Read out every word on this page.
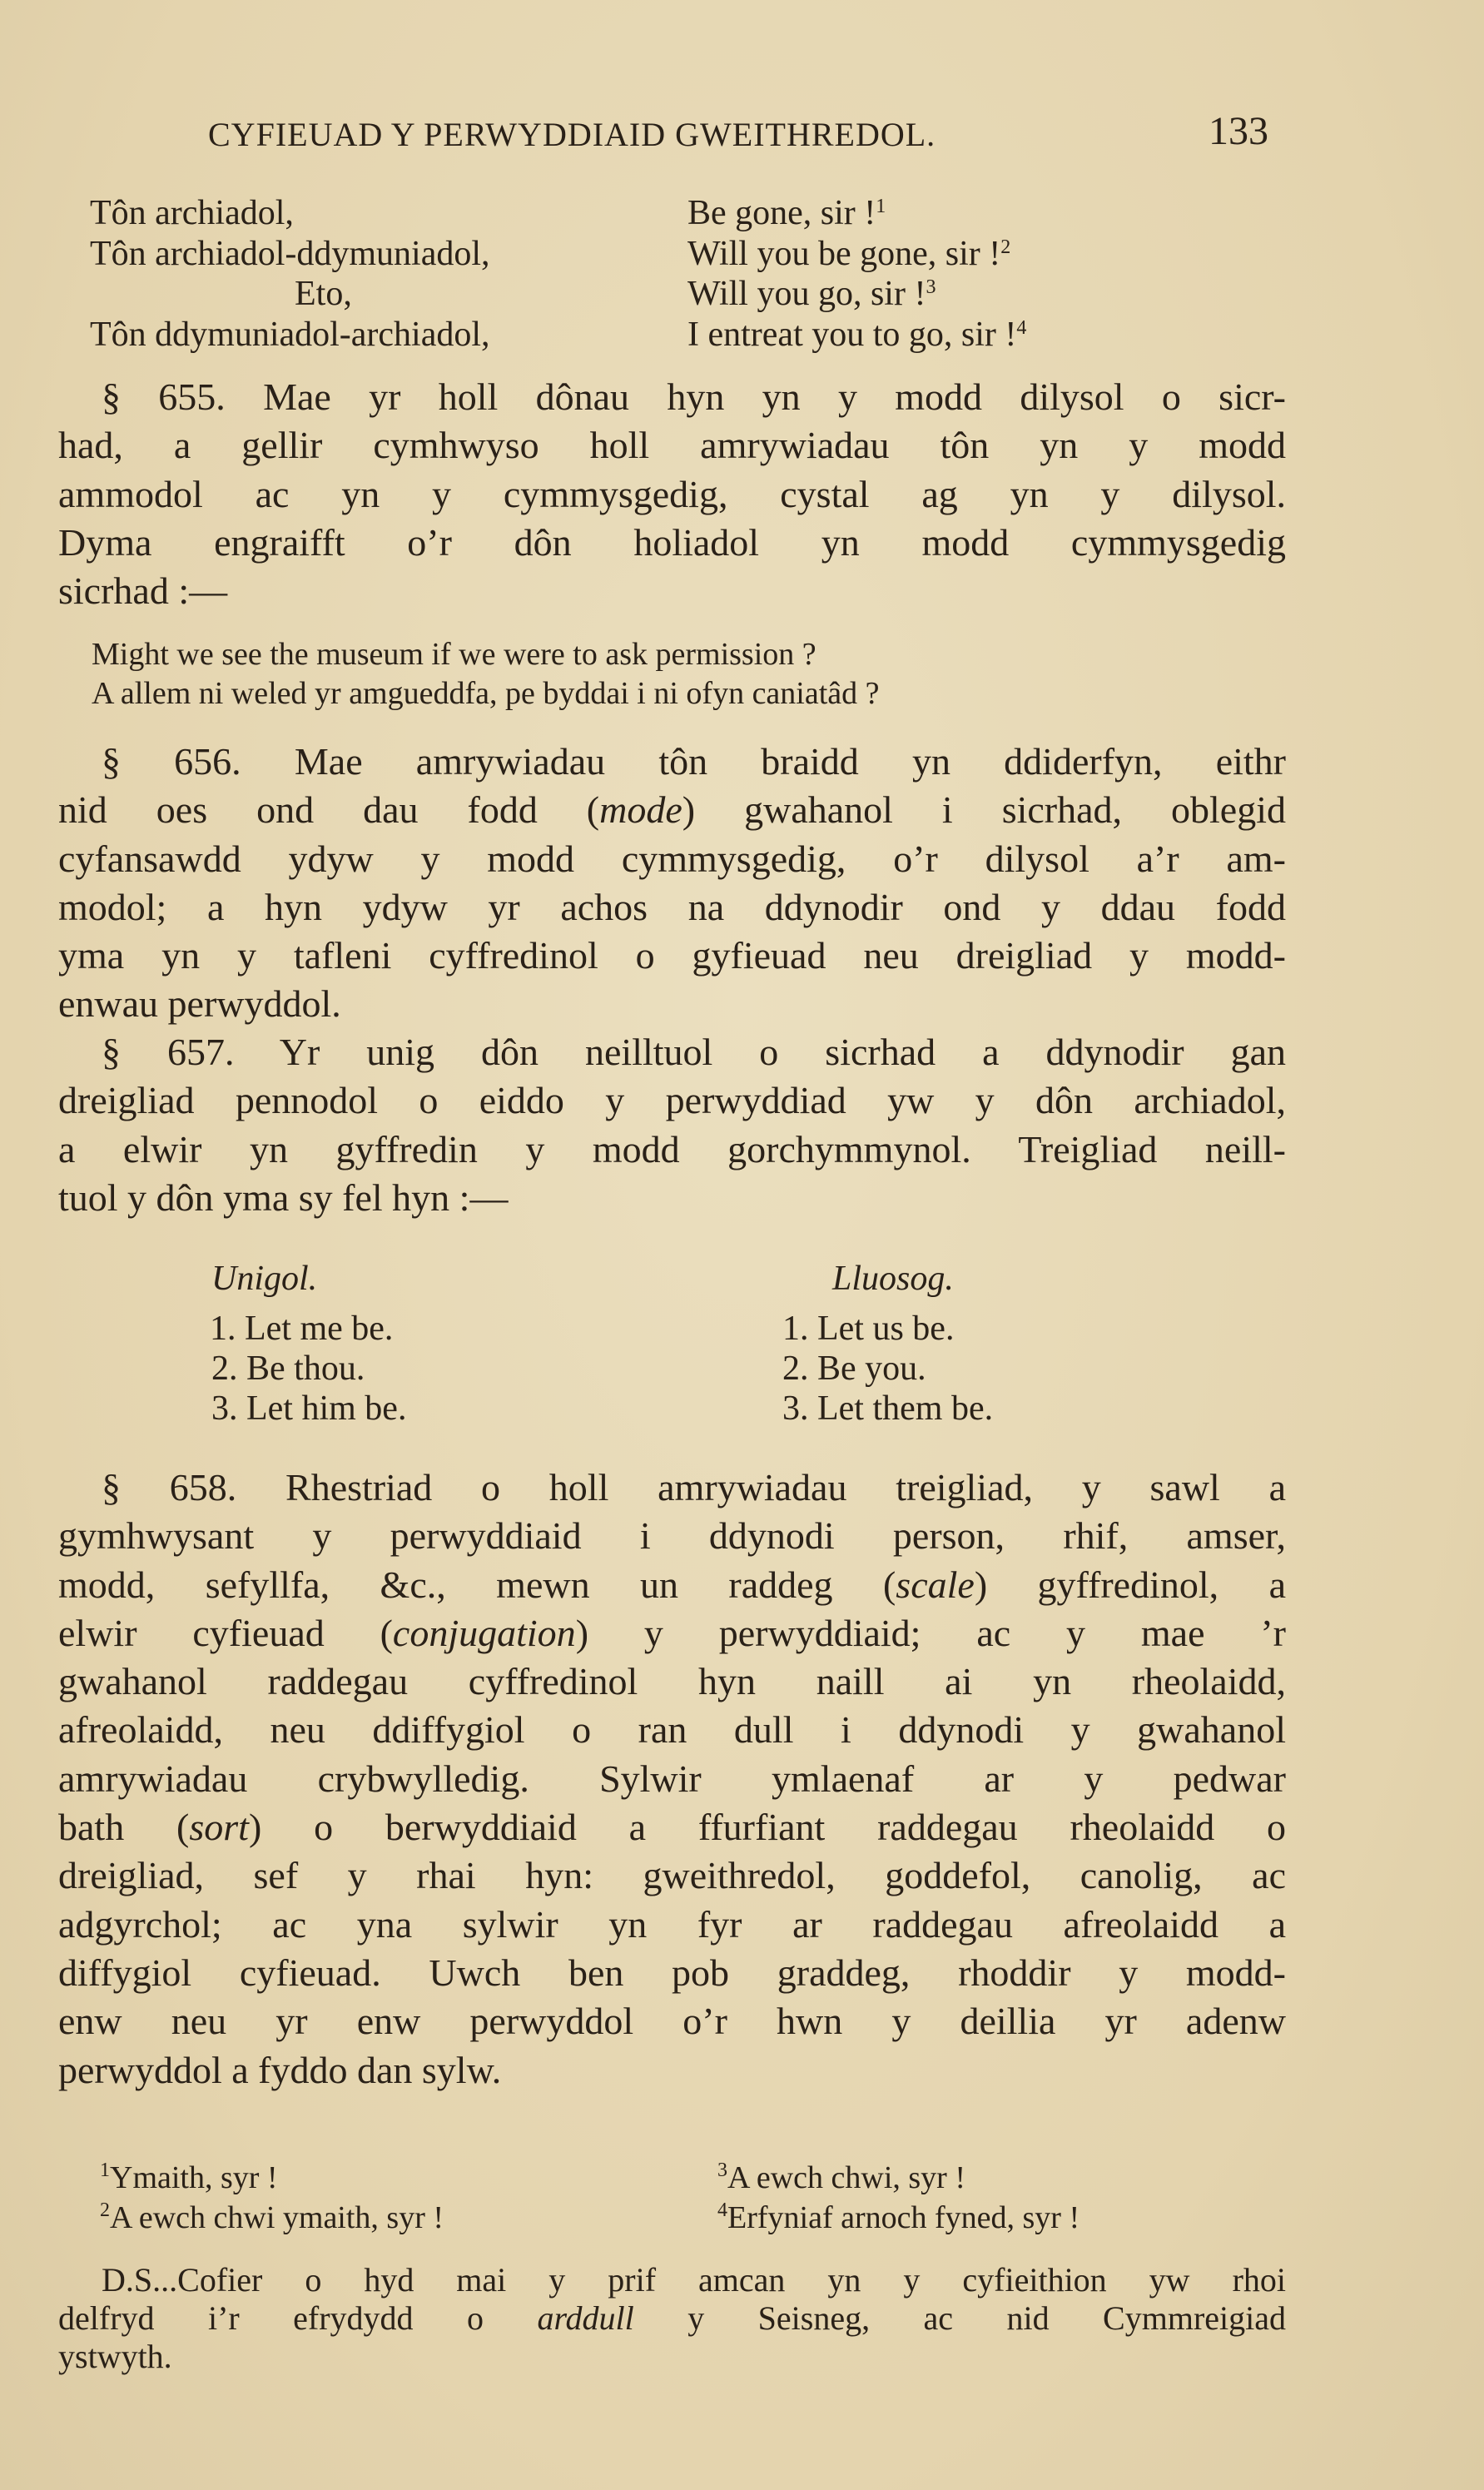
CYFIEUAD Y PERWYDDIAID GWEITHREDOL.	133
Tôn archiadol,
Tôn archiadol-ddymuniadol,
Eto,
Tôn ddymuniadol-archiadol,
Be gone, sir !$^1$
Will you be gone, sir !$^2$
Will you go, sir !$^3$
I entreat you to go, sir !$^4$
§ 655. Mae yr holl dônau hyn yn y modd dilysol o sicr-
had, a gellir cymhwyso holl amrywiadau tôn yn y modd
ammodol ac yn y cymmysgedig, cystal ag yn y dilysol.
Dyma engraifft o’r dôn holiadol yn modd cymmysgedig
sicrhad :—
Might we see the museum if we were to ask permission ?
A allem ni weled yr amgueddfa, pe byddai i ni ofyn caniatâd ?
§ 656. Mae amrywiadau tôn braidd yn ddiderfyn, eithr
nid oes ond dau fodd (mode) gwahanol i sicrhad, oblegid
cyfansawdd ydyw y modd cymmysgedig, o’r dilysol a’r am-
modol; a hyn ydyw yr achos na ddynodir ond y ddau fodd
yma yn y tafleni cyffredinol o gyfieuad neu dreigliad y modd-
enwau perwyddol.
§ 657. Yr unig dôn neilltuol o sicrhad a ddynodir gan
dreigliad pennodol o eiddo y perwyddiad yw y dôn archiadol,
a elwir yn gyffredin y modd gorchymmynol. Treigliad neill-
tuol y dôn yma sy fel hyn :—
Unigol.
1. Let me be.
2. Be thou.
3. Let him be.
Lluosog.
1. Let us be.
2. Be you.
3. Let them be.
§ 658. Rhestriad o holl amrywiadau treigliad, y sawl a
gymhwysant y perwyddiaid i ddynodi person, rhif, amser,
modd, sefyllfa, &c., mewn un raddeg (scale) gyffredinol, a
elwir cyfieuad (conjugation) y perwyddiaid; ac y mae ’r
gwahanol raddegau cyffredinol hyn naill ai yn rheolaidd,
afreolaidd, neu ddiffygiol o ran dull i ddynodi y gwahanol
amrywiadau crybwylledig. Sylwir ymlaenaf ar y pedwar
bath (sort) o berwyddiaid a ffurfiant raddegau rheolaidd o
dreigliad, sef y rhai hyn: gweithredol, goddefol, canolig, ac
adgyrchol; ac yna sylwir yn fyr ar raddegau afreolaidd a
diffygiol cyfieuad. Uwch ben pob graddeg, rhoddir y modd-
enw neu yr enw perwyddol o’r hwn y deillia yr adenw
perwyddol a fyddo dan sylw.
$^1$Ymaith, syr !
$^2$A ewch chwi ymaith, syr !
$^3$A ewch chwi, syr !
$^4$Erfyniaf arnoch fyned, syr !
D.S...Cofier o hyd mai y prif amcan yn y cyfieithion yw rhoi
delfryd i’r efrydydd o arddull y Seisneg, ac nid Cymmreigiad
ystwyth.
